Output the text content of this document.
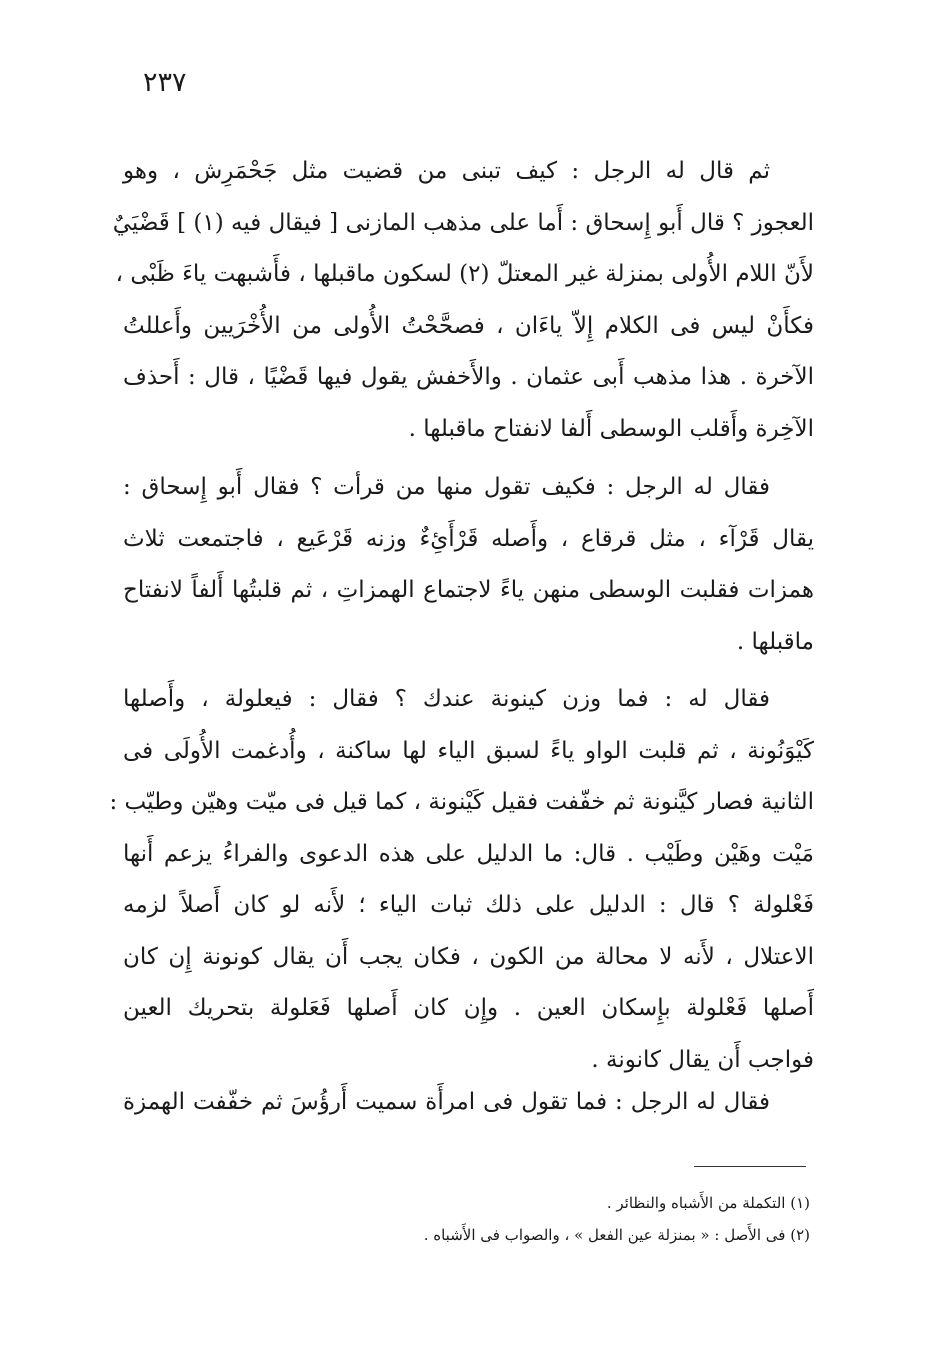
٢٣٧

ثم قال له الرجل : كيف تبنى من قضيت مثل جَحْمَرِش ، وهو
العجوز ؟ قال أَبو إِسحاق : أَما على مذهب المازنى [ فيقال فيه (١) ] قَضْيَيٌ
لأَنّ اللام الأُولى بمنزلة غير المعتلّ (٢) لسكون ماقبلها ، فأَشبهت ياءَ ظَبْى ،
فكأَنْ ليس فى الكلام إِلاّ ياءَان ، فصحَّحْتُ الأُولى من الأُخْرَيين وأَعللتُ
الآخرة . هذا مذهب أَبى عثمان . والأَخفش يقول فيها قَضْيًا ، قال : أَحذف
الآخِرة وأَقلب الوسطى أَلفا لانفتاح ماقبلها .

فقال له الرجل : فكيف تقول منها من قرأت ؟ فقال أَبو إِسحاق :
يقال قَرْآء ، مثل قرقاع ، وأَصله قَرْأَئِءٌ وزنه قَرْعَيع ، فاجتمعت ثلاث
همزات فقلبت الوسطى منهن ياءً لاجتماع الهمزاتِ ، ثم قلبتُها أَلفاً لانفتاح
ماقبلها .

فقال له : فما وزن كينونة عندك ؟ فقال : فيعلولة ، وأَصلها
كَيْوَنُونة ، ثم قلبت الواو ياءً لسبق الياء لها ساكنة ، وأُدغمت الأُولَى فى
الثانية فصار كيَّنونة ثم خفّفت فقيل كَيْنونة ، كما قيل فى ميّت وهيّن وطيّب :
مَيْت وهَيْن وطَيْب . قال: ما الدليل على هذه الدعوى والفراءُ يزعم أَنها
فَعْلولة ؟ قال : الدليل على ذلك ثبات الياء ؛ لأَنه لو كان أَصلاً لزمه
الاعتلال ، لأَنه لا محالة من الكون ، فكان يجب أَن يقال كونونة إِن كان
أَصلها فَعْلولة بإِسكان العين . وإِن كان أَصلها فَعَلولة بتحريك العين
فواجب أَن يقال كانونة .

فقال له الرجل : فما تقول فى امرأَة سميت أَرؤُسَ ثم خفّفت الهمزة

(١) التكملة من الأَشباه والنظائر .
(٢) فى الأَصل : « بمنزلة عين الفعل » ، والصواب فى الأَشباه .
